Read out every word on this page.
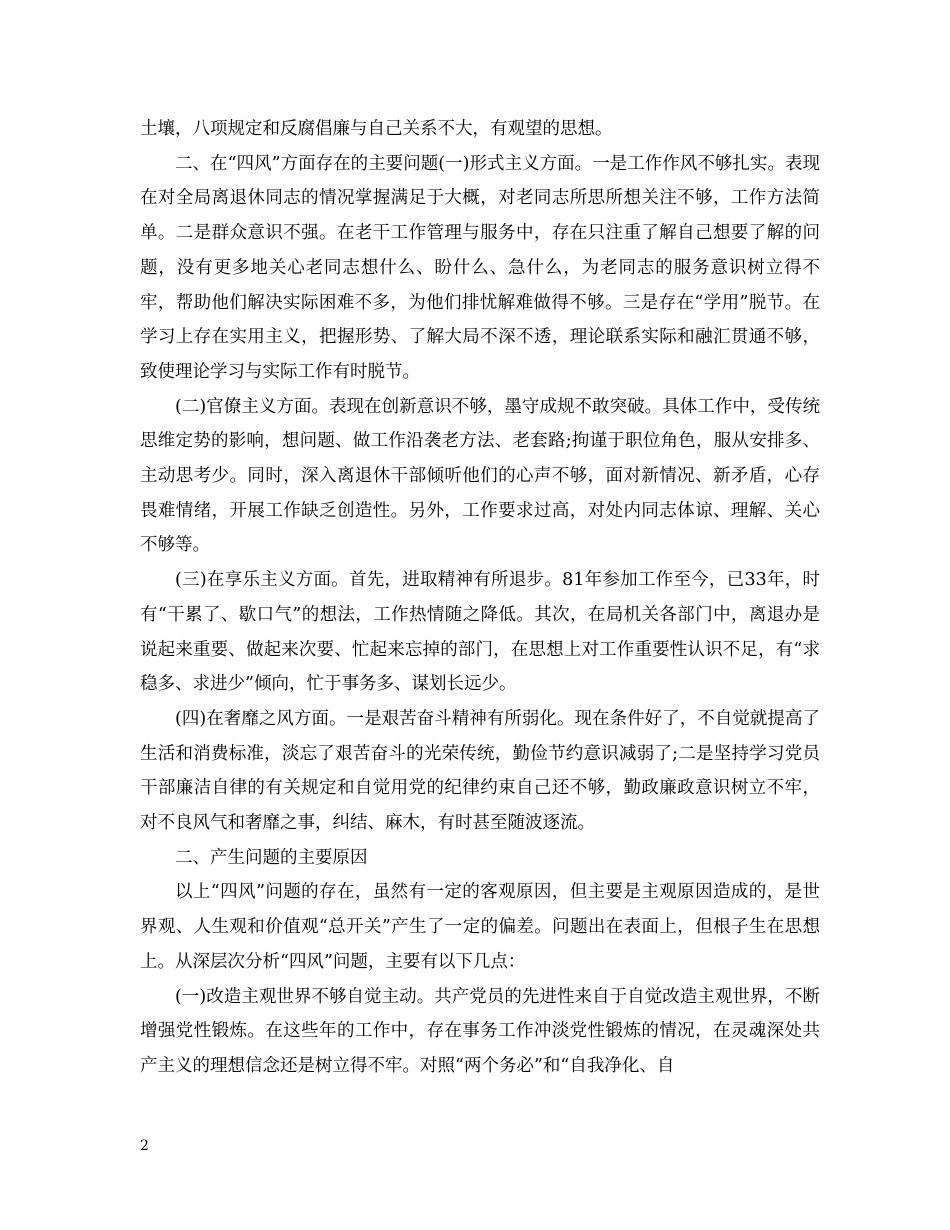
土壤，八项规定和反腐倡廉与自己关系不大，有观望的思想。

二、在“四风”方面存在的主要问题(一)形式主义方面。一是工作作风不够扎实。表现在对全局离退休同志的情况掌握满足于大概，对老同志所思所想关注不够，工作方法简单。二是群众意识不强。在老干工作管理与服务中，存在只注重了解自己想要了解的问题，没有更多地关心老同志想什么、盼什么、急什么，为老同志的服务意识树立得不牢，帮助他们解决实际困难不多，为他们排忧解难做得不够。三是存在“学用”脱节。在学习上存在实用主义，把握形势、了解大局不深不透，理论联系实际和融汇贯通不够，致使理论学习与实际工作有时脱节。

(二)官僚主义方面。表现在创新意识不够，墨守成规不敢突破。具体工作中，受传统思维定势的影响，想问题、做工作沿袭老方法、老套路;拘谨于职位角色，服从安排多、主动思考少。同时，深入离退休干部倾听他们的心声不够，面对新情况、新矛盾，心存畏难情绪，开展工作缺乏创造性。另外，工作要求过高，对处内同志体谅、理解、关心不够等。

(三)在享乐主义方面。首先，进取精神有所退步。81年参加工作至今，已33年，时有“干累了、歇口气”的想法，工作热情随之降低。其次，在局机关各部门中，离退办是说起来重要、做起来次要、忙起来忘掉的部门，在思想上对工作重要性认识不足，有“求稳多、求进少”倾向，忙于事务多、谋划长远少。

(四)在奢靡之风方面。一是艰苦奋斗精神有所弱化。现在条件好了，不自觉就提高了生活和消费标准，淡忘了艰苦奋斗的光荣传统，勤俭节约意识减弱了;二是坚持学习党员干部廉洁自律的有关规定和自觉用党的纪律约束自己还不够，勤政廉政意识树立不牢，对不良风气和奢靡之事，纠结、麻木，有时甚至随波逐流。

二、产生问题的主要原因

以上“四风”问题的存在，虽然有一定的客观原因，但主要是主观原因造成的，是世界观、人生观和价值观“总开关”产生了一定的偏差。问题出在表面上，但根子生在思想上。从深层次分析“四风”问题，主要有以下几点：

(一)改造主观世界不够自觉主动。共产党员的先进性来自于自觉改造主观世界，不断增强党性锻炼。在这些年的工作中，存在事务工作冲淡党性锻炼的情况，在灵魂深处共产主义的理想信念还是树立得不牢。对照“两个务必”和“自我净化、自

2
